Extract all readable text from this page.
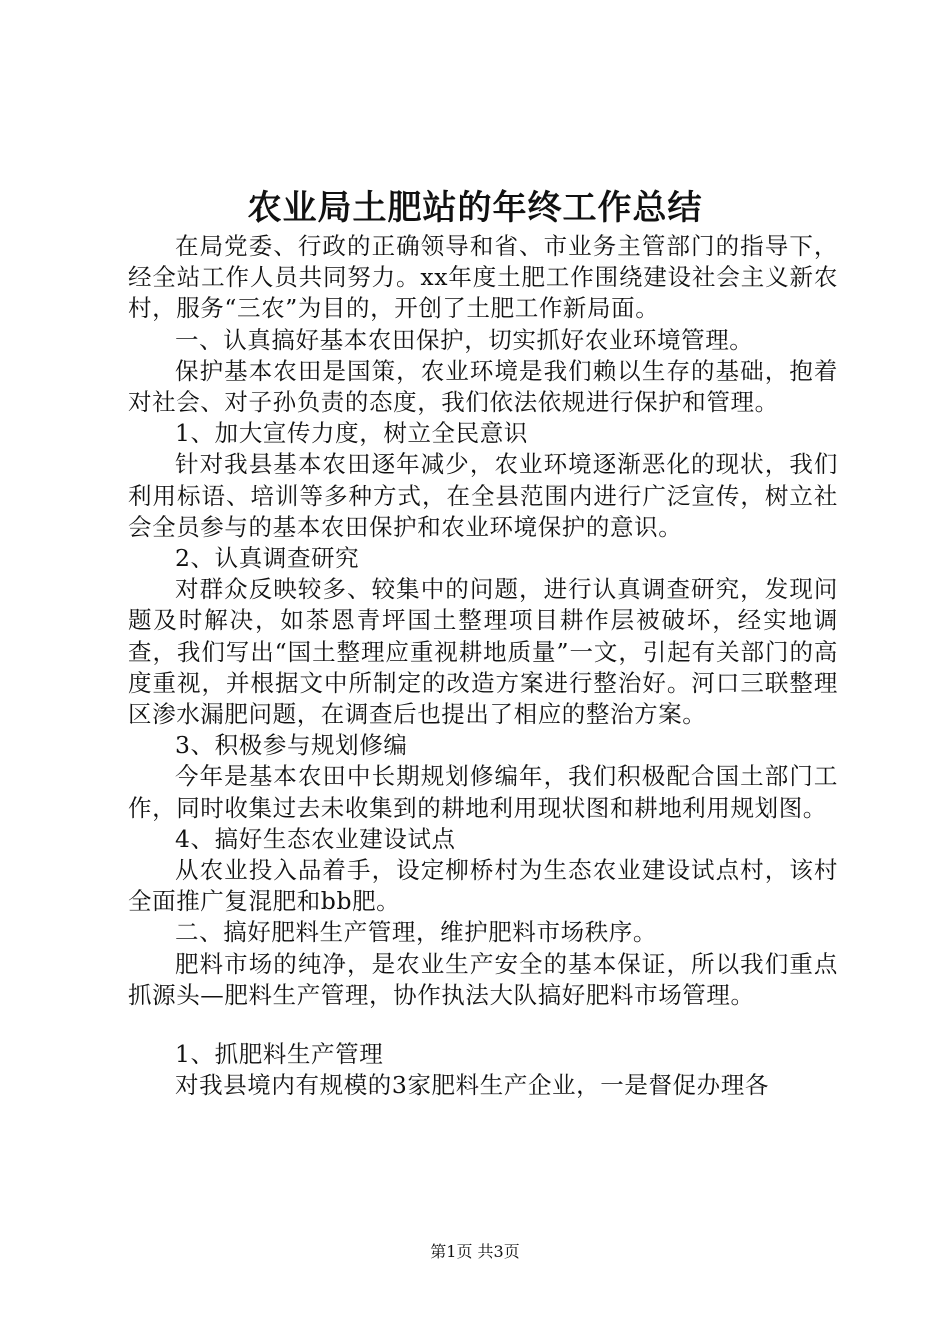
农业局土肥站的年终工作总结

在局党委、行政的正确领导和省、市业务主管部门的指导下，经全站工作人员共同努力。xx年度土肥工作围绕建设社会主义新农村，服务“三农”为目的，开创了土肥工作新局面。

一、认真搞好基本农田保护，切实抓好农业环境管理。

保护基本农田是国策，农业环境是我们赖以生存的基础，抱着对社会、对子孙负责的态度，我们依法依规进行保护和管理。

1、加大宣传力度，树立全民意识

针对我县基本农田逐年减少，农业环境逐渐恶化的现状，我们利用标语、培训等多种方式，在全县范围内进行广泛宣传，树立社会全员参与的基本农田保护和农业环境保护的意识。

2、认真调查研究

对群众反映较多、较集中的问题，进行认真调查研究，发现问题及时解决，如茶恩青坪国土整理项目耕作层被破坏，经实地调查，我们写出“国土整理应重视耕地质量”一文，引起有关部门的高度重视，并根据文中所制定的改造方案进行整治好。河口三联整理区渗水漏肥问题，在调查后也提出了相应的整治方案。

3、积极参与规划修编

今年是基本农田中长期规划修编年，我们积极配合国土部门工作，同时收集过去未收集到的耕地利用现状图和耕地利用规划图。

4、搞好生态农业建设试点

从农业投入品着手，设定柳桥村为生态农业建设试点村，该村全面推广复混肥和bb肥。

二、搞好肥料生产管理，维护肥料市场秩序。

肥料市场的纯净，是农业生产安全的基本保证，所以我们重点抓源头—肥料生产管理，协作执法大队搞好肥料市场管理。

1、抓肥料生产管理

对我县境内有规模的3家肥料生产企业，一是督促办理各

第1页 共3页
